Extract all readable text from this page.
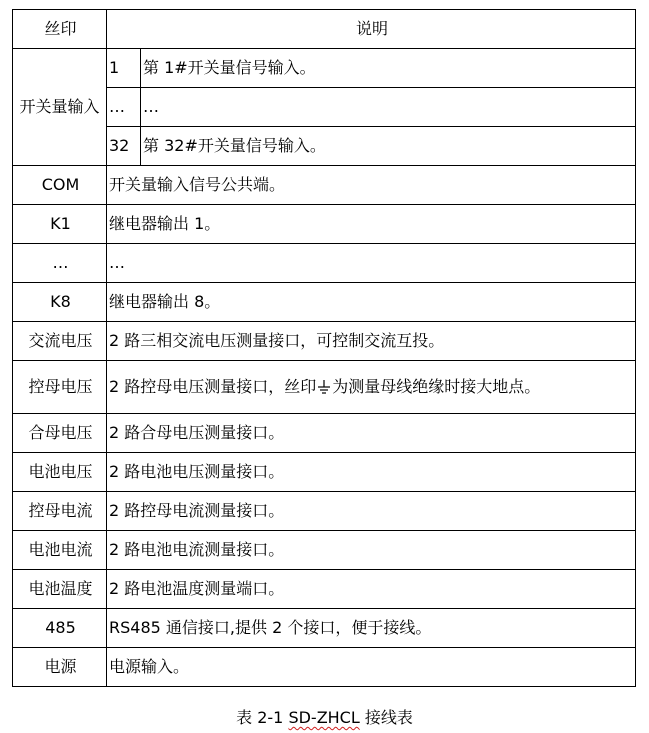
丝印	说明	
开关量输入	1	第 1#开关量信号输入。
	…	…
	32	第 32#开关量信号输入。
COM	开关量输入信号公共端。	
K1	继电器输出 1。	
…	…	
K8	继电器输出 8。	
交流电压	2 路三相交流电压测量接口，可控制交流互投。	
控母电压	2 路控母电压测量接口，丝印 为测量母线绝缘时接大地点。	
合母电压	2 路合母电压测量接口。	
电池电压	2 路电池电压测量接口。	
控母电流	2 路控母电流测量接口。	
电池电流	2 路电池电流测量接口。	
电池温度	2 路电池温度测量端口。	
485	RS485 通信接口,提供 2 个接口，便于接线。	
电源	电源输入。	
表 2-1 SD-ZHCL 接线表
